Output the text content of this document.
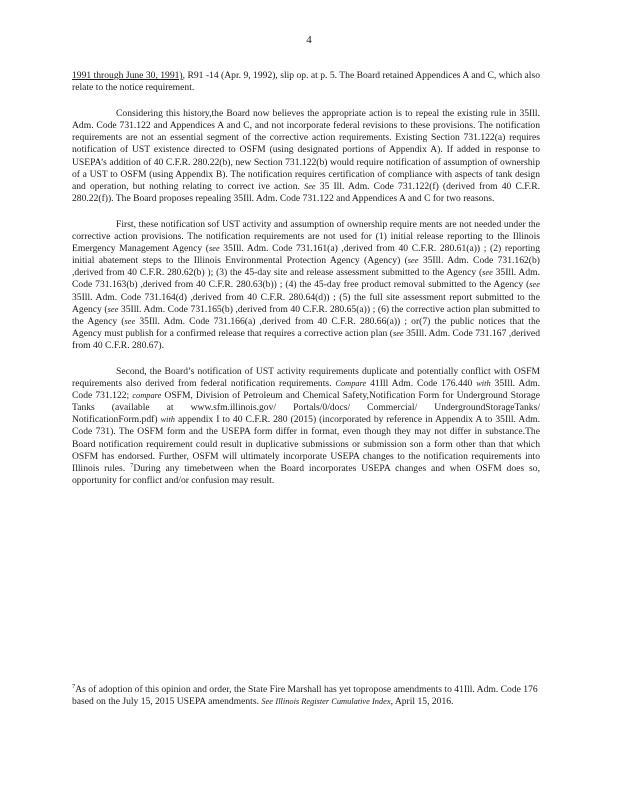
4

1991 through June 30, 1991), R91 -14 (Apr. 9, 1992), slip op. at p. 5. The Board retained Appendices A and C, which also relate to the notice requirement.

Considering this history,the Board now believes the appropriate action is to repeal the existing rule in 35Ill. Adm. Code 731.122 and Appendices A and C, and not incorporate federal revisions to these provisions. The notification requirements are not an essential segment of the corrective action requirements. Existing Section 731.122(a) requires notification of UST existence directed to OSFM (using designated portions of Appendix A). If added in response to USEPA’s addition of 40 C.F.R. 280.22(b), new Section 731.122(b) would require notification of assumption of ownership of a UST to OSFM (using Appendix B). The notification requires certification of compliance with aspects of tank design and operation, but nothing relating to correct ive action. See 35 Ill. Adm. Code 731.122(f) (derived from 40 C.F.R. 280.22(f)). The Board proposes repealing 35Ill. Adm. Code 731.122 and Appendices A and C for two reasons.

First, these notification sof UST activity and assumption of ownership require ments are not needed under the corrective action provisions. The notification requirements are not used for (1) initial release reporting to the Illinois Emergency Management Agency (see 35Ill. Adm. Code 731.161(a) ,derived from 40 C.F.R. 280.61(a)) ; (2) reporting initial abatement steps to the Illinois Environmental Protection Agency (Agency) (see 35Ill. Adm. Code 731.162(b) ,derived from 40 C.F.R. 280.62(b) ); (3) the 45-day site and release assessment submitted to the Agency (see 35Ill. Adm. Code 731.163(b) ,derived from 40 C.F.R. 280.63(b)) ; (4) the 45-day free product removal submitted to the Agency (see 35Ill. Adm. Code 731.164(d) ,derived from 40 C.F.R. 280.64(d)) ; (5) the full site assessment report submitted to the Agency (see 35Ill. Adm. Code 731.165(b) ,derived from 40 C.F.R. 280.65(a)) ; (6) the corrective action plan submitted to the Agency (see 35Ill. Adm. Code 731.166(a) ,derived from 40 C.F.R. 280.66(a)) ; or(7) the public notices that the Agency must publish for a confirmed release that requires a corrective action plan (see 35Ill. Adm. Code 731.167 ,derived from 40 C.F.R. 280.67).

Second, the Board’s notification of UST activity requirements duplicate and potentially conflict with OSFM requirements also derived from federal notification requirements. Compare 41Ill Adm. Code 176.440 with 35Ill. Adm. Code 731.122; compare OSFM, Division of Petroleum and Chemical Safety,Notification Form for Underground Storage Tanks (available at www.sfm.illinois.gov/ Portals/0/docs/ Commercial/ UndergroundStorageTanks/ NotificationForm.pdf) with appendix I to 40 C.F.R. 280 (2015) (incorporated by reference in Appendix A to 35Ill. Adm. Code 731). The OSFM form and the USEPA form differ in format, even though they may not differ in substance.The Board notification requirement could result in duplicative submissions or submission son a form other than that which OSFM has endorsed. Further, OSFM will ultimately incorporate USEPA changes to the notification requirements into Illinois rules. $^7$During any timebetween when the Board incorporates USEPA changes and when OSFM does so, opportunity for conflict and/or confusion may result.

$^7$As of adoption of this opinion and order, the State Fire Marshall has yet topropose amendments to 41Ill. Adm. Code 176 based on the July 15, 2015 USEPA amendments. See Illinois Register Cumulative Index, April 15, 2016.
